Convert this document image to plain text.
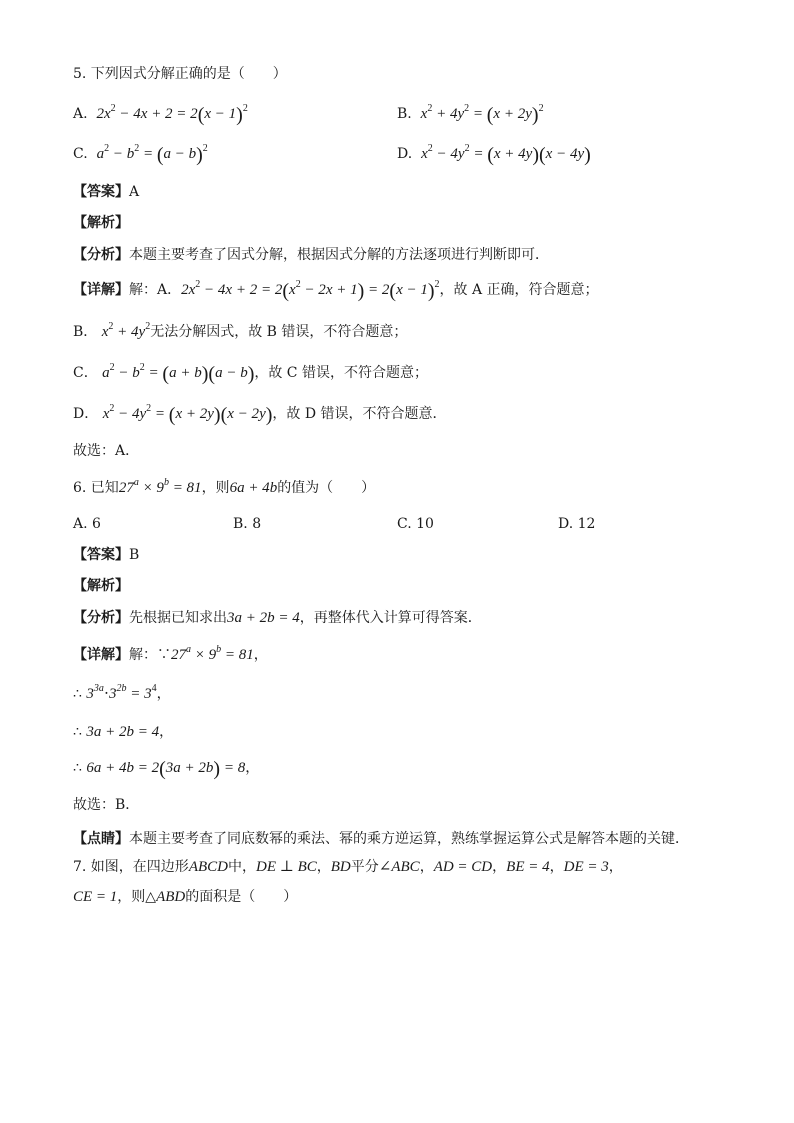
5. 下列因式分解正确的是（　　）
A. $2x^2 - 4x + 2 = 2(x - 1)^2$	B. $x^2 + 4y^2 = (x + 2y)^2$
C. $a^2 - b^2 = (a - b)^2$	D. $x^2 - 4y^2 = (x + 4y)(x - 4y)$
【答案】A
【解析】
【分析】本题主要考查了因式分解，根据因式分解的方法逐项进行判断即可．
【详解】解：A．$2x^2 - 4x + 2 = 2(x^2 - 2x + 1) = 2(x - 1)^2$，故 A 正确，符合题意；
B． $x^2 + 4y^2$无法分解因式，故 B 错误，不符合题意；
C． $a^2 - b^2 = (a + b)(a - b)$，故 C 错误，不符合题意；
D． $x^2 - 4y^2 = (x + 2y)(x - 2y)$，故 D 错误，不符合题意．
故选：A．
6. 已知$27^a \times 9^b = 81$，则6a + 4b的值为（　　）
A. 6	B. 8	C. 10	D. 12
【答案】B
【解析】
【分析】先根据已知求出3a + 2b = 4，再整体代入计算可得答案．
【详解】解：$\because 27^a \times 9^b = 81$，
∴ $3^{3a}\cdot 3^{2b} = 3^4$，
∴ 3a + 2b = 4，
∴ 6a + 4b = 2(3a + 2b) = 8，
故选：B．
【点睛】本题主要考查了同底数幂的乘法、幂的乘方逆运算，熟练掌握运算公式是解答本题的关键．
7. 如图，在四边形ABCD中，DE ⊥ BC，BD平分∠ABC，AD = CD，BE = 4，DE = 3，
CE = 1，则△ABD的面积是（　　）
